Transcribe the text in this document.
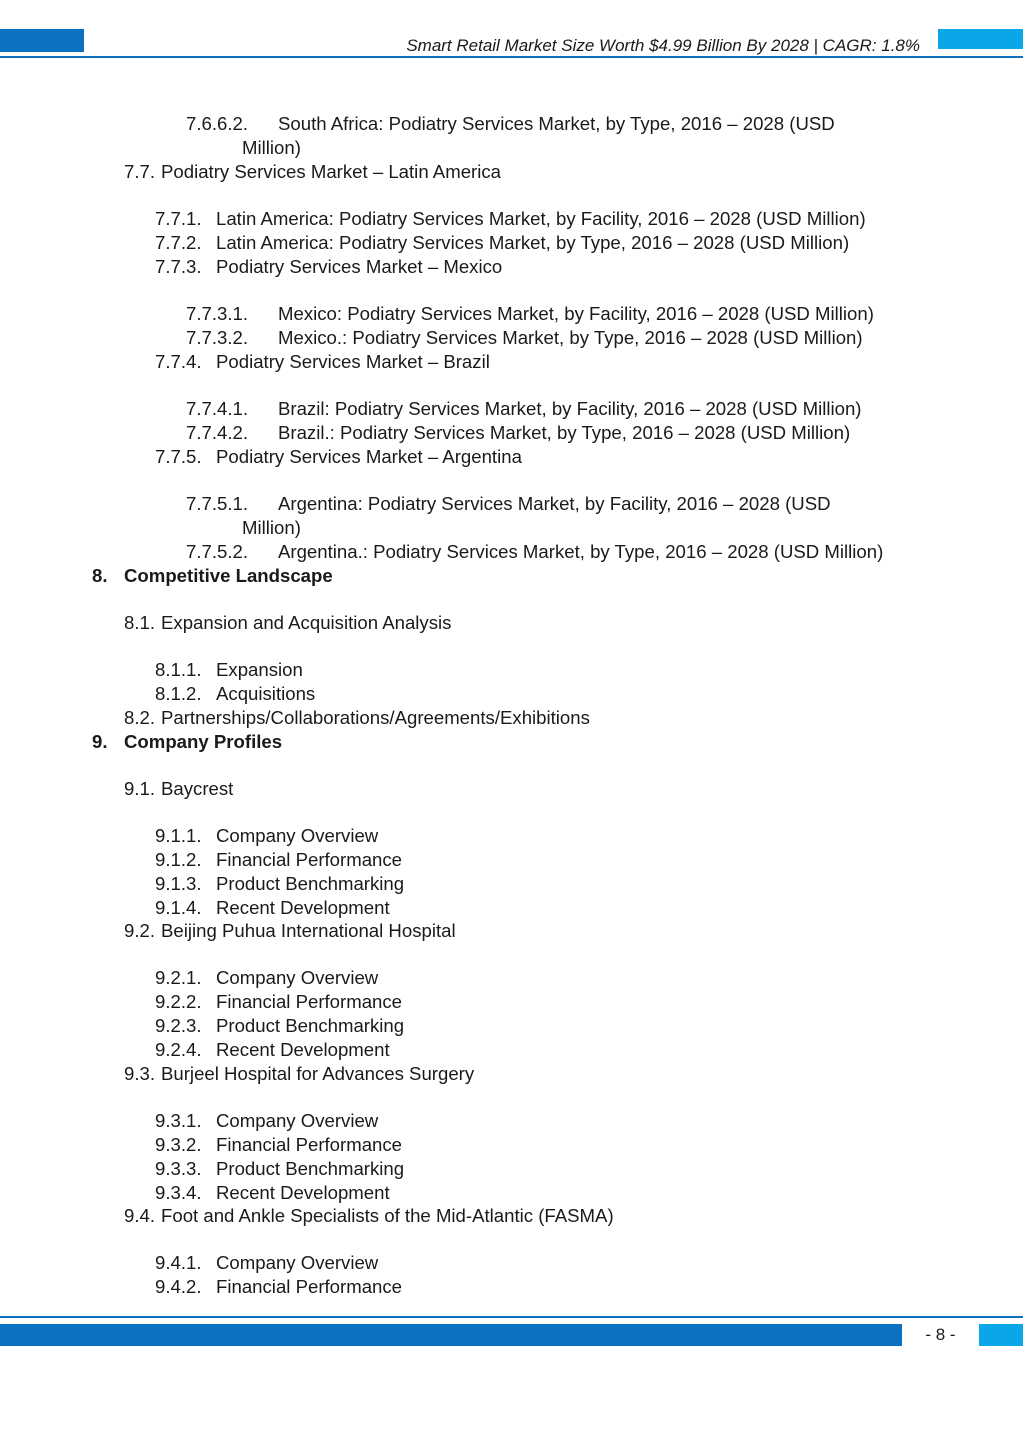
Smart Retail Market Size Worth $4.99 Billion By 2028 | CAGR: 1.8%
7.6.6.2. South Africa: Podiatry Services Market, by Type, 2016 – 2028 (USD
Million)
7.7. Podiatry Services Market – Latin America
7.7.1. Latin America: Podiatry Services Market, by Facility, 2016 – 2028 (USD Million)
7.7.2. Latin America: Podiatry Services Market, by Type, 2016 – 2028 (USD Million)
7.7.3. Podiatry Services Market – Mexico
7.7.3.1. Mexico: Podiatry Services Market, by Facility, 2016 – 2028 (USD Million)
7.7.3.2. Mexico.: Podiatry Services Market, by Type, 2016 – 2028 (USD Million)
7.7.4. Podiatry Services Market – Brazil
7.7.4.1. Brazil: Podiatry Services Market, by Facility, 2016 – 2028 (USD Million)
7.7.4.2. Brazil.: Podiatry Services Market, by Type, 2016 – 2028 (USD Million)
7.7.5. Podiatry Services Market – Argentina
7.7.5.1. Argentina: Podiatry Services Market, by Facility, 2016 – 2028 (USD
Million)
7.7.5.2. Argentina.: Podiatry Services Market, by Type, 2016 – 2028 (USD Million)
8. Competitive Landscape
8.1. Expansion and Acquisition Analysis
8.1.1. Expansion
8.1.2. Acquisitions
8.2. Partnerships/Collaborations/Agreements/Exhibitions
9. Company Profiles
9.1. Baycrest
9.1.1. Company Overview
9.1.2. Financial Performance
9.1.3. Product Benchmarking
9.1.4. Recent Development
9.2. Beijing Puhua International Hospital
9.2.1. Company Overview
9.2.2. Financial Performance
9.2.3. Product Benchmarking
9.2.4. Recent Development
9.3. Burjeel Hospital for Advances Surgery
9.3.1. Company Overview
9.3.2. Financial Performance
9.3.3. Product Benchmarking
9.3.4. Recent Development
9.4. Foot and Ankle Specialists of the Mid-Atlantic (FASMA)
9.4.1. Company Overview
9.4.2. Financial Performance
- 8 -
